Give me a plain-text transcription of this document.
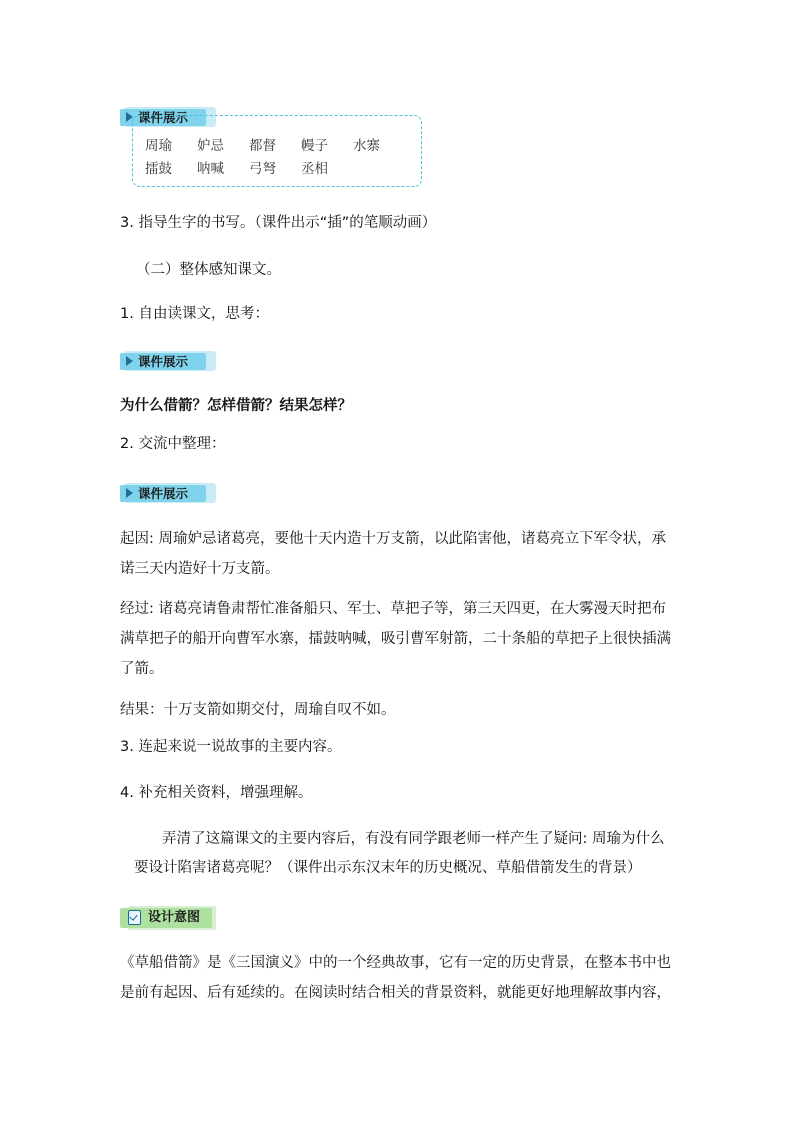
课件展示
周瑜 妒忌 都督 幔子 水寨
擂鼓 呐喊 弓弩 丞相
3. 指导生字的书写。（课件出示“插”的笔顺动画）
（二）整体感知课文。
1. 自由读课文，思考：
课件展示
为什么借箭？怎样借箭？结果怎样？
2. 交流中整理：
课件展示
起因: 周瑜妒忌诸葛亮，要他十天内造十万支箭，以此陷害他，诸葛亮立下军令状，承
诺三天内造好十万支箭。
经过: 诸葛亮请鲁肃帮忙准备船只、军士、草把子等，第三天四更，在大雾漫天时把布
满草把子的船开向曹军水寨，擂鼓呐喊，吸引曹军射箭，二十条船的草把子上很快插满
了箭。
结果：十万支箭如期交付，周瑜自叹不如。
3. 连起来说一说故事的主要内容。
4. 补充相关资料，增强理解。
弄清了这篇课文的主要内容后，有没有同学跟老师一样产生了疑问: 周瑜为什么
要设计陷害诸葛亮呢？（课件出示东汉末年的历史概况、草船借箭发生的背景）
设计意图
《草船借箭》是《三国演义》中的一个经典故事，它有一定的历史背景，在整本书中也
是前有起因、后有延续的。在阅读时结合相关的背景资料，就能更好地理解故事内容，
